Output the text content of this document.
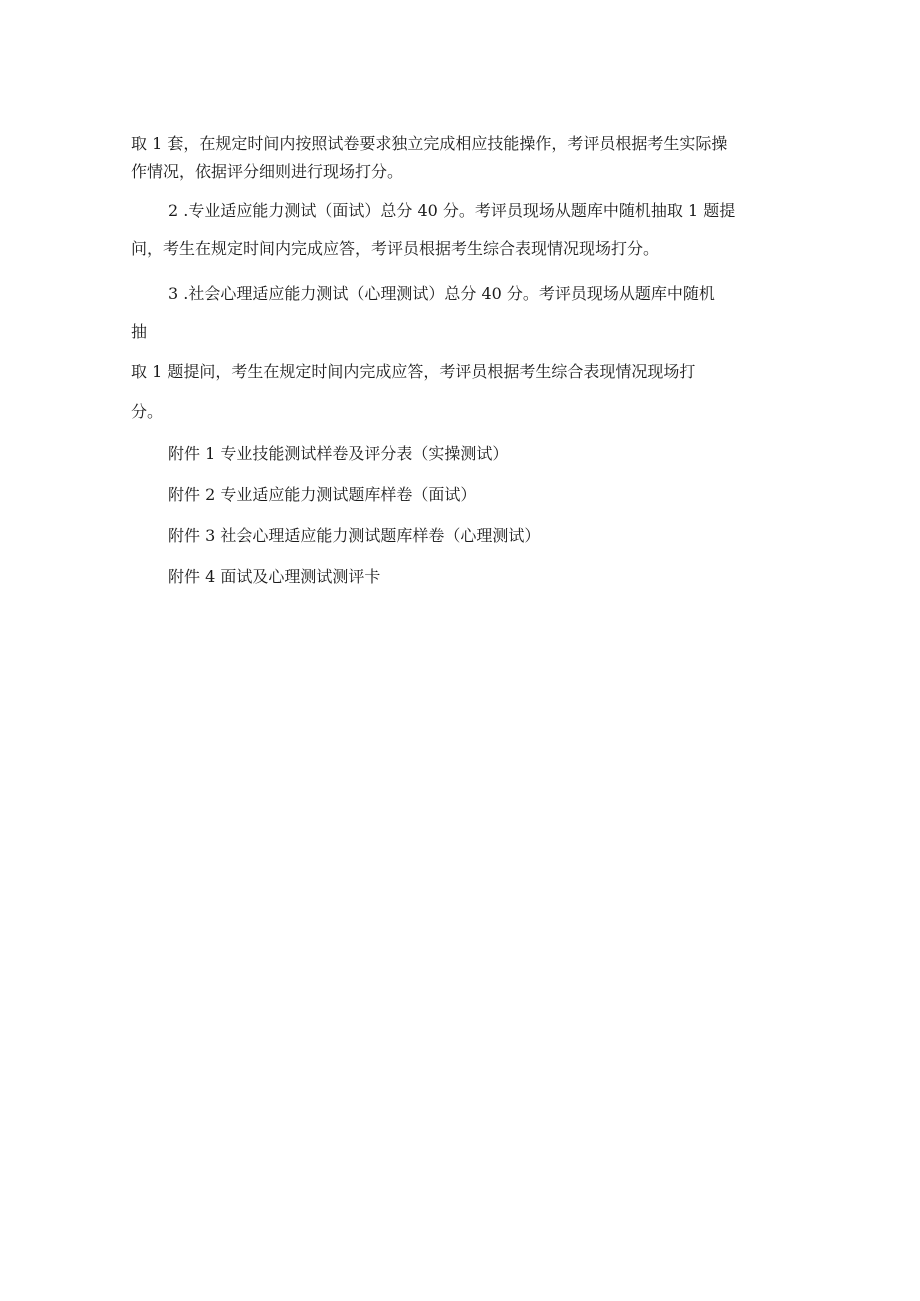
取 1 套，在规定时间内按照试卷要求独立完成相应技能操作，考评员根据考生实际操

作情况，依据评分细则进行现场打分。

2 .专业适应能力测试（面试）总分 40 分。考评员现场从题库中随机抽取 1 题提

问，考生在规定时间内完成应答，考评员根据考生综合表现情况现场打分。

3 .社会心理适应能力测试（心理测试）总分 40 分。考评员现场从题库中随机

抽

取 1 题提问，考生在规定时间内完成应答，考评员根据考生综合表现情况现场打

分。

附件 1 专业技能测试样卷及评分表（实操测试）

附件 2 专业适应能力测试题库样卷（面试）

附件 3 社会心理适应能力测试题库样卷（心理测试）

附件 4 面试及心理测试测评卡
